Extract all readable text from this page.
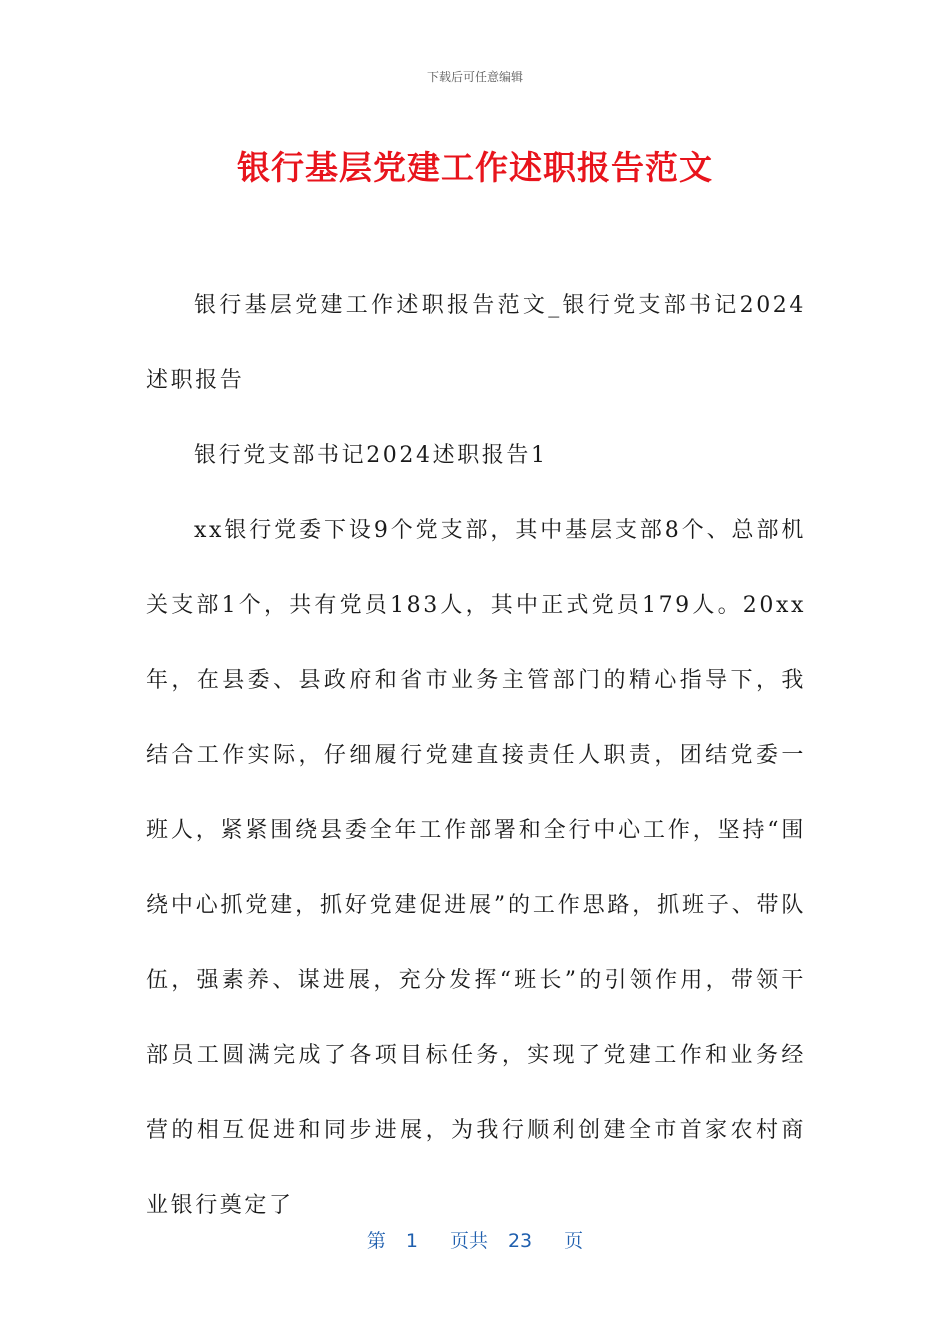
下载后可任意编辑
银行基层党建工作述职报告范文

银行基层党建工作述职报告范文_银行党支部书记2024述职报告

银行党支部书记2024述职报告1

xx银行党委下设9个党支部，其中基层支部8个、总部机关支部1个，共有党员183人，其中正式党员179人。20xx年，在县委、县政府和省市业务主管部门的精心指导下，我结合工作实际，仔细履行党建直接责任人职责，团结党委一班人，紧紧围绕县委全年工作部署和全行中心工作，坚持“围绕中心抓党建，抓好党建促进展”的工作思路，抓班子、带队伍，强素养、谋进展，充分发挥“班长”的引领作用，带领干部员工圆满完成了各项目标任务，实现了党建工作和业务经营的相互促进和同步进展，为我行顺利创建全市首家农村商业银行奠定了

第 1 页共 23 页
